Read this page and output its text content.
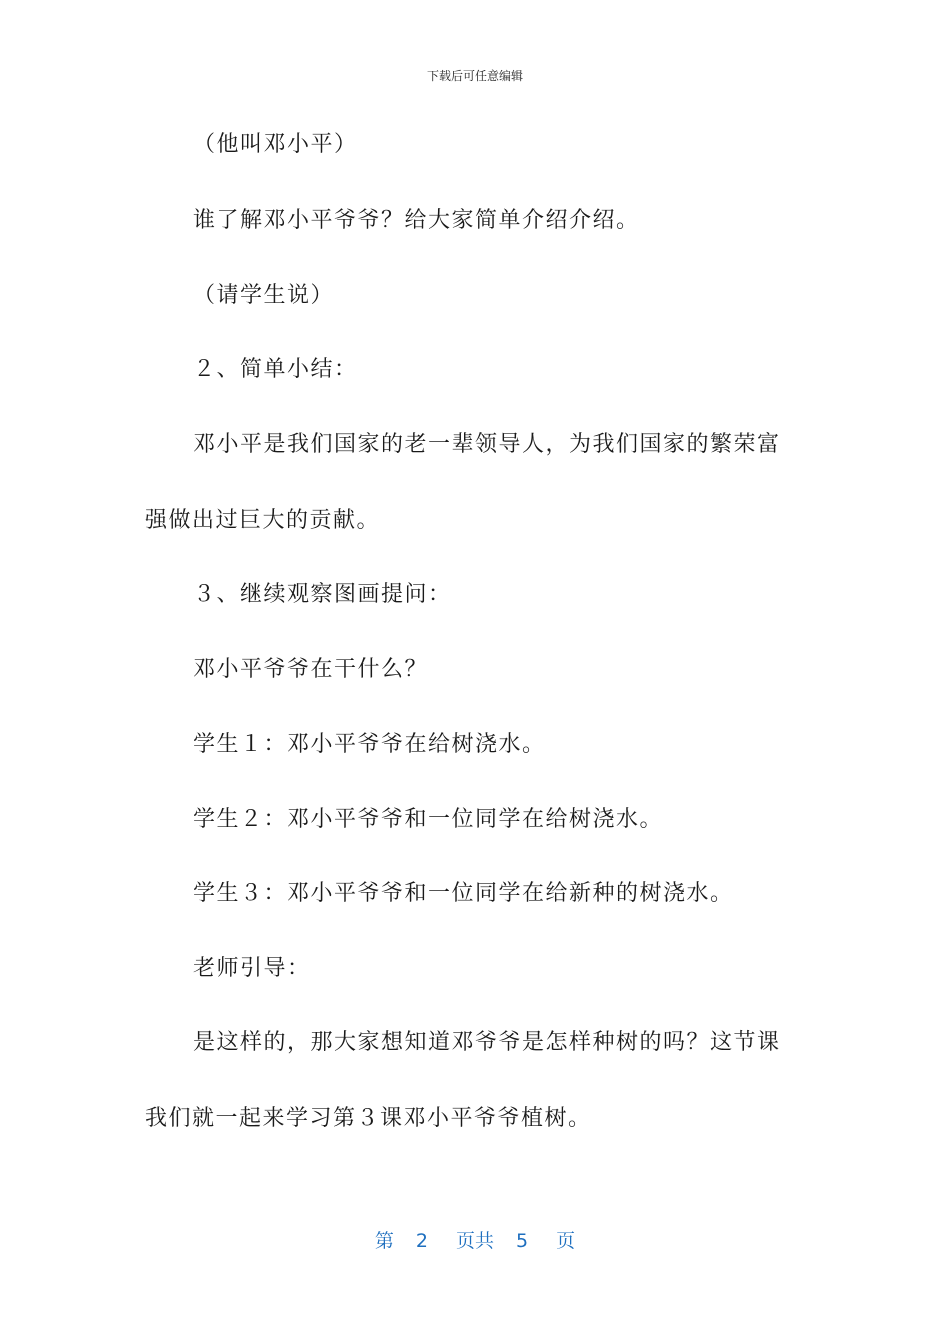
下载后可任意编辑
（他叫邓小平）
谁了解邓小平爷爷？给大家简单介绍介绍。
（请学生说）
２、简单小结：
邓小平是我们国家的老一辈领导人，为我们国家的繁荣富
强做出过巨大的贡献。
３、继续观察图画提问：
邓小平爷爷在干什么？
学生１：邓小平爷爷在给树浇水。
学生２：邓小平爷爷和一位同学在给树浇水。
学生３：邓小平爷爷和一位同学在给新种的树浇水。
老师引导：
是这样的，那大家想知道邓爷爷是怎样种树的吗？这节课
我们就一起来学习第３课邓小平爷爷植树。
第 2 页共 5 页
